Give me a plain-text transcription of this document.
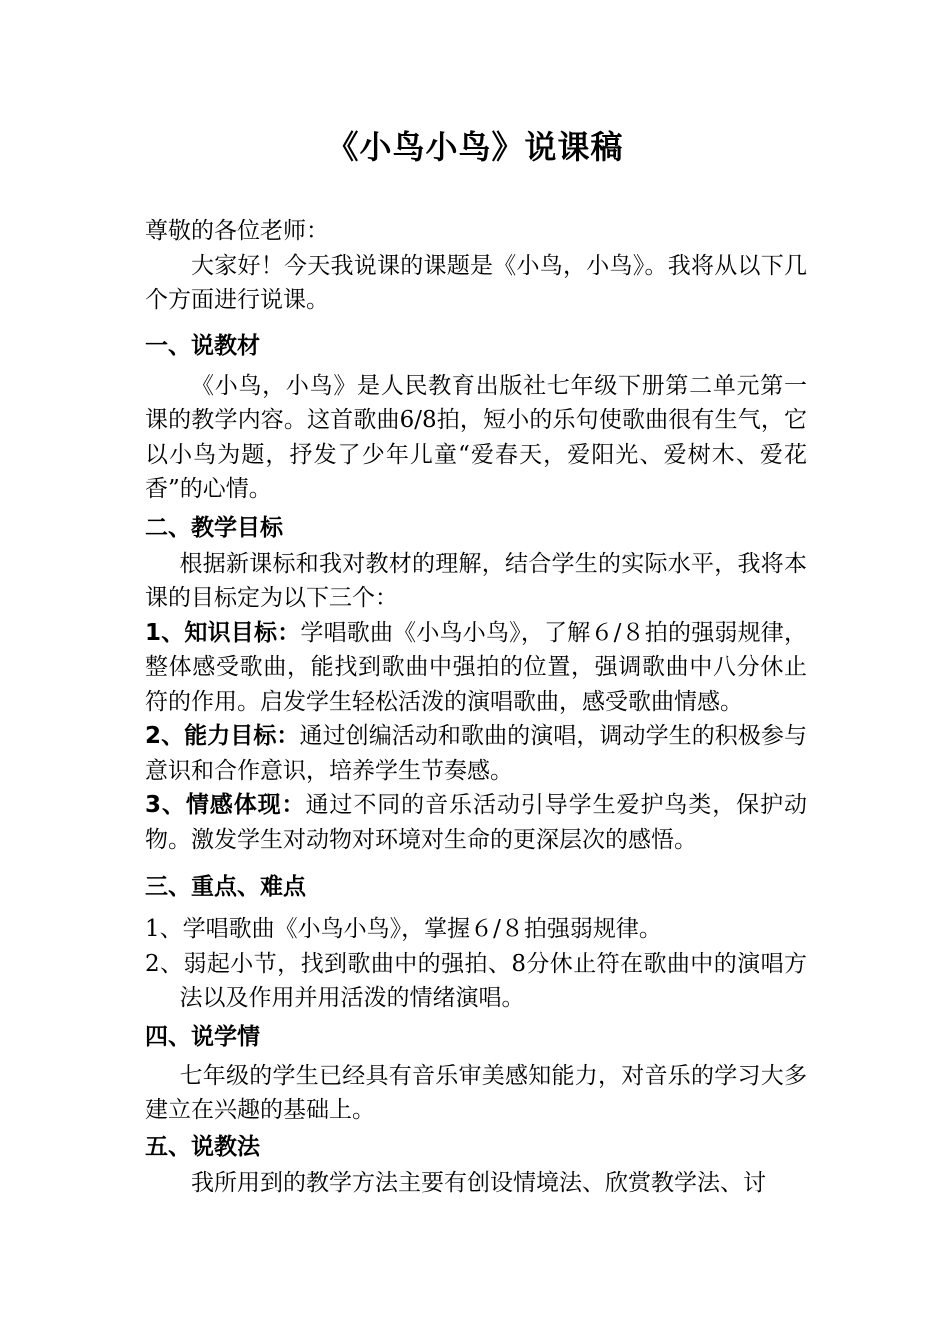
《小鸟小鸟》说课稿

尊敬的各位老师：

大家好！今天我说课的课题是《小鸟，小鸟》。我将从以下几个方面进行说课。

一、说教材

《小鸟，小鸟》是人民教育出版社七年级下册第二单元第一课的教学内容。这首歌曲6/8拍，短小的乐句使歌曲很有生气，它以小鸟为题，抒发了少年儿童“爱春天，爱阳光、爱树木、爱花香”的心情。

二、教学目标

根据新课标和我对教材的理解，结合学生的实际水平，我将本课的目标定为以下三个：

1、知识目标：学唱歌曲《小鸟小鸟》，了解６/８拍的强弱规律，整体感受歌曲，能找到歌曲中强拍的位置，强调歌曲中八分休止符的作用。启发学生轻松活泼的演唱歌曲，感受歌曲情感。

2、能力目标：通过创编活动和歌曲的演唱，调动学生的积极参与意识和合作意识，培养学生节奏感。

3、情感体现：通过不同的音乐活动引导学生爱护鸟类，保护动物。激发学生对动物对环境对生命的更深层次的感悟。

三、重点、难点

1、学唱歌曲《小鸟小鸟》，掌握６/８拍强弱规律。

2、弱起小节，找到歌曲中的强拍、8分休止符在歌曲中的演唱方法以及作用并用活泼的情绪演唱。

四、说学情

七年级的学生已经具有音乐审美感知能力，对音乐的学习大多建立在兴趣的基础上。

五、说教法

我所用到的教学方法主要有创设情境法、欣赏教学法、讨
